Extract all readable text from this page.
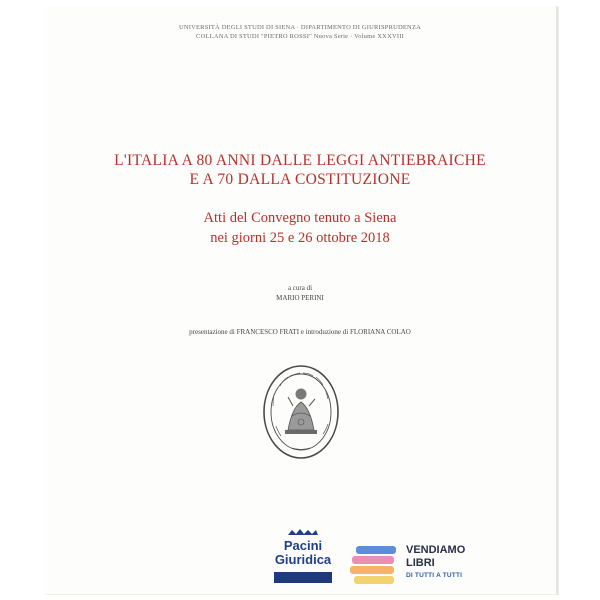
UNIVERSITÀ DEGLI STUDI DI SIENA · DIPARTIMENTO DI GIURISPRUDENZA
COLLANA DI STUDI "PIETRO ROSSI" Nuova Serie · Volume XXXVIII
L'ITALIA A 80 ANNI DALLE LEGGI ANTIEBRAICHE
E A 70 DALLA COSTITUZIONE
Atti del Convegno tenuto a Siena
nei giorni 25 e 26 ottobre 2018
a cura di
MARIO PERINI
presentazione di FRANCESCO FRATI e introduzione di FLORIANA COLAO
Pacini
Giuridica
VENDIAMO
LIBRI
DI TUTTI A TUTTI
